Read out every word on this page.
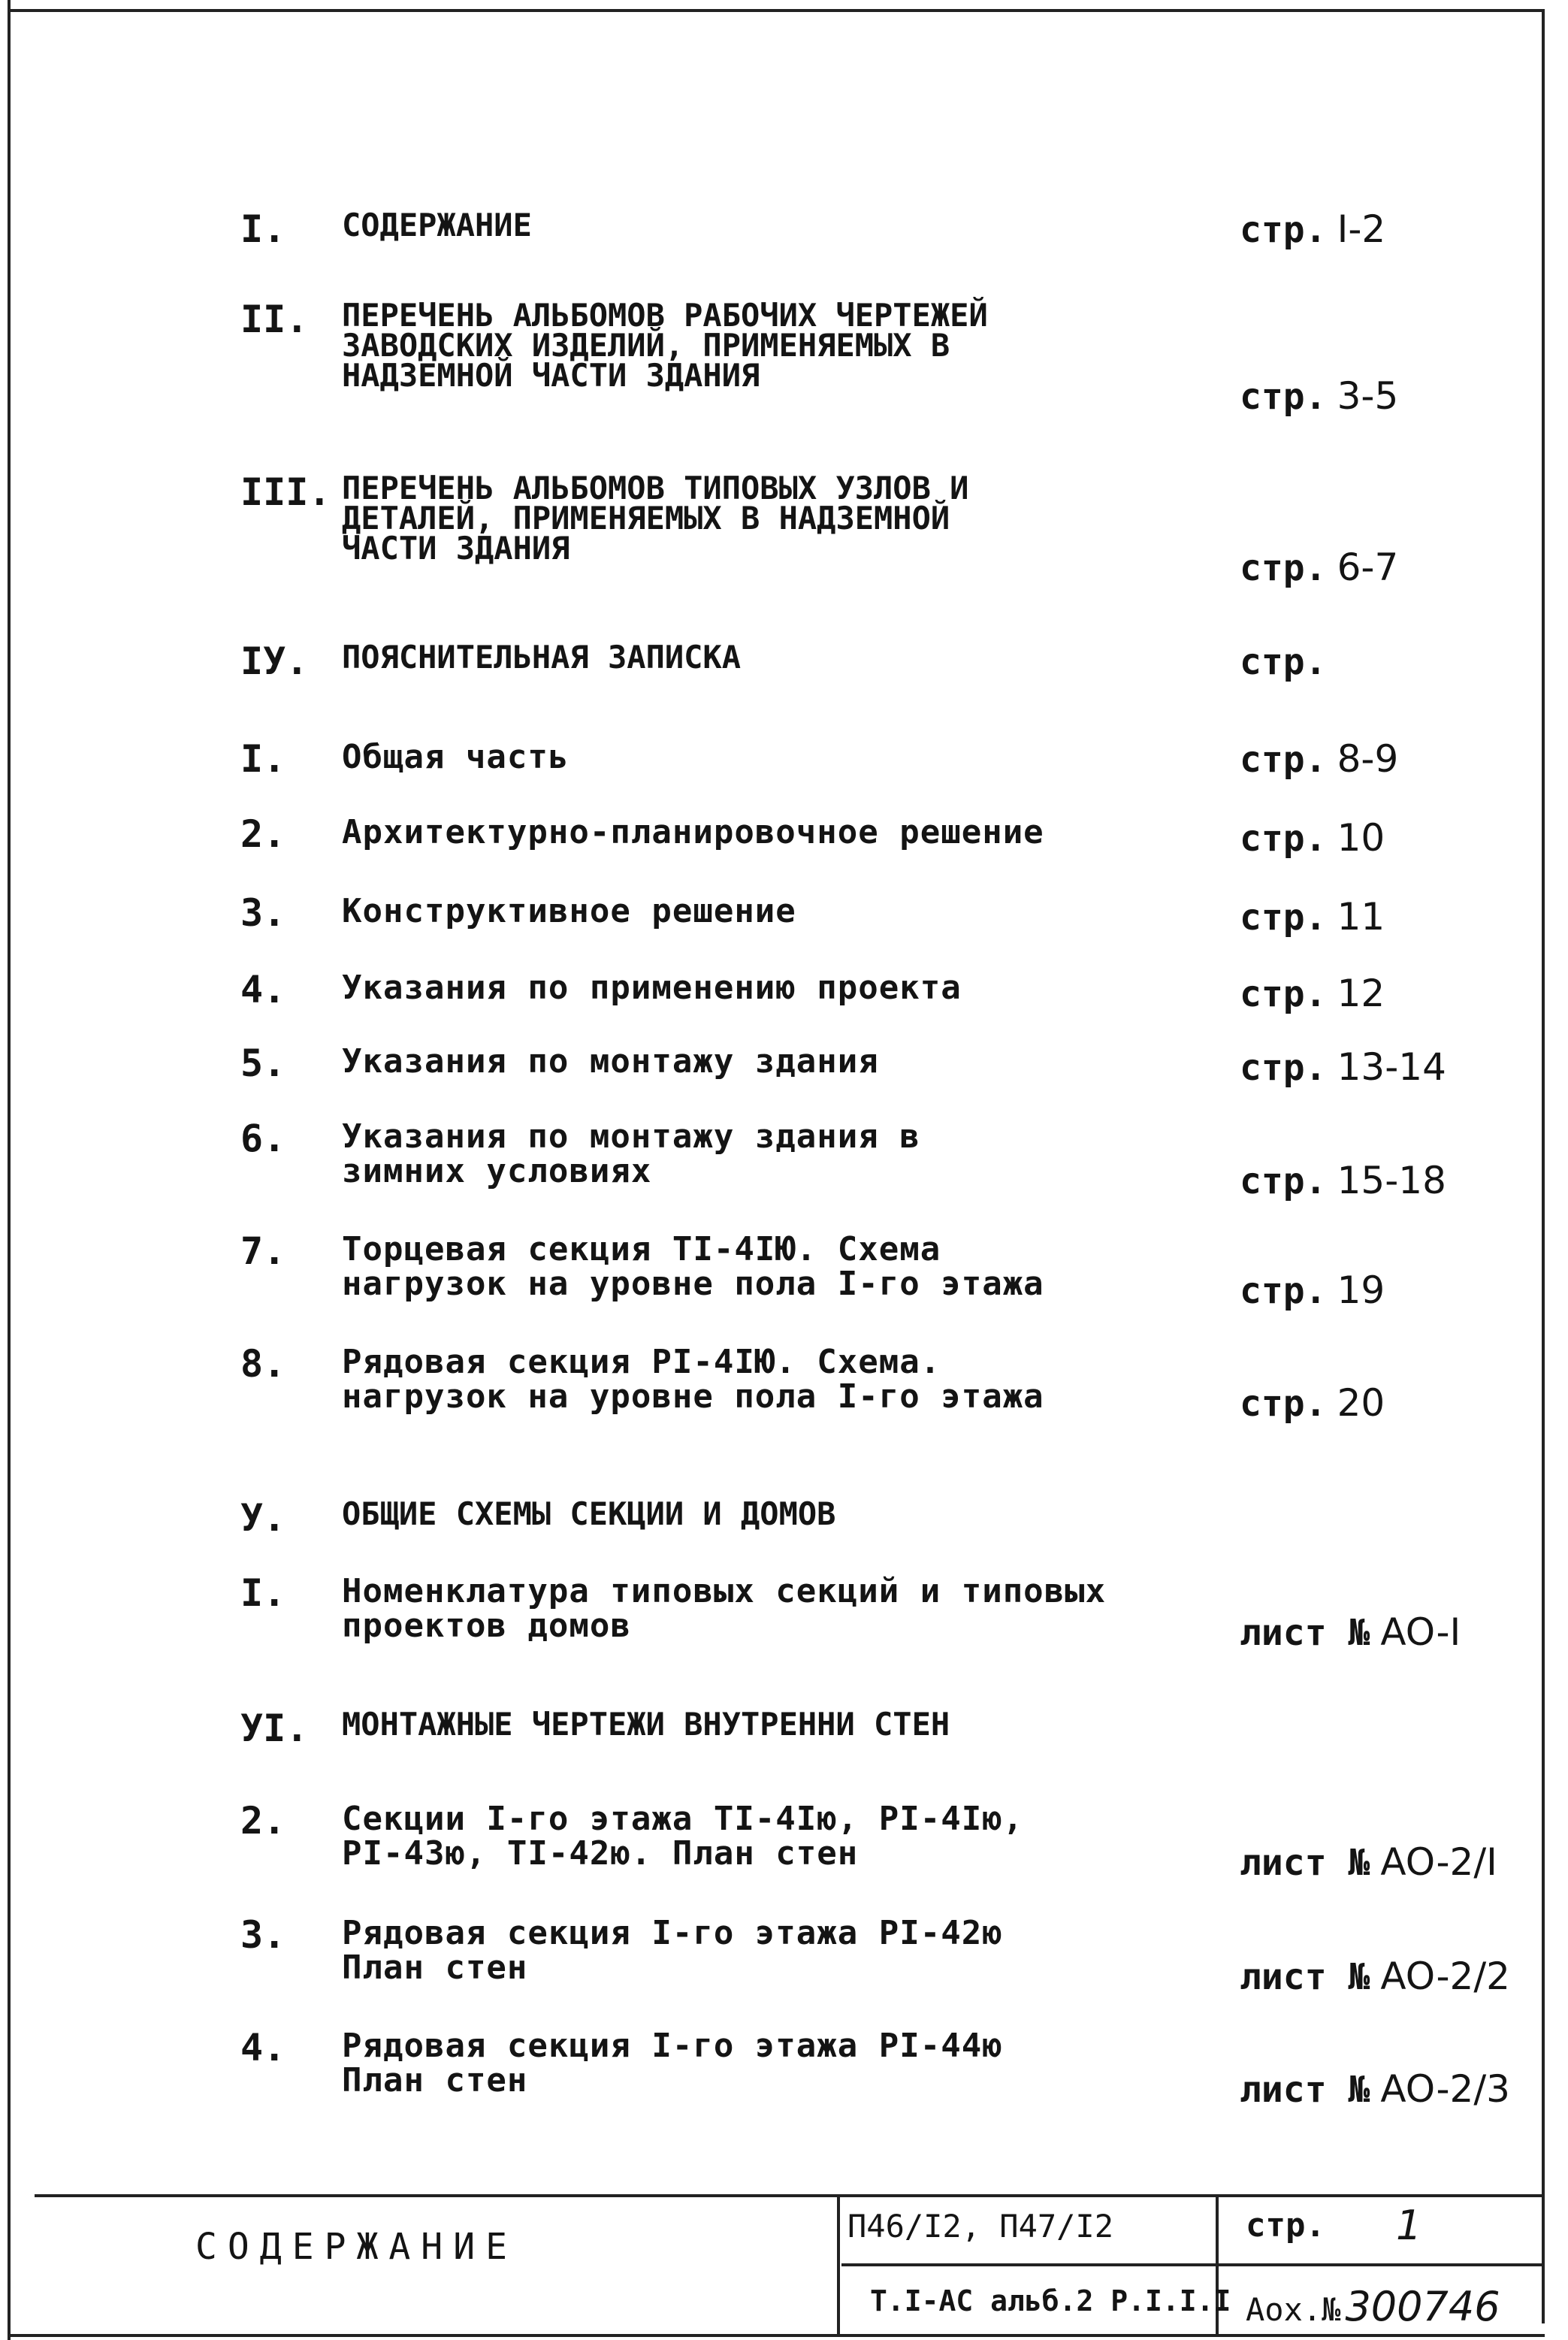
I. СОДЕРЖАНИЕ	стр. I-2
II. ПЕРЕЧЕНЬ АЛЬБОМОВ РАБОЧИХ ЧЕРТЕЖЕЙ
ЗАВОДСКИХ ИЗДЕЛИЙ, ПРИМЕНЯЕМЫХ В
НАДЗЕМНОЙ ЧАСТИ ЗДАНИЯ
стр. 3-5
III. ПЕРЕЧЕНЬ АЛЬБОМОВ ТИПОВЫХ УЗЛОВ И
ДЕТАЛЕЙ, ПРИМЕНЯЕМЫХ В НАДЗЕМНОЙ
ЧАСТИ ЗДАНИЯ	стр. 6-7
IУ. ПОЯСНИТЕЛЬНАЯ ЗАПИСКА	стр.
I. Общая часть	стр. 8-9
2. Архитектурно-планировочное решение	стр. 10
3. Конструктивное решение	стр. 11
4. Указания по применению проекта	стр. 12
5. Указания по монтажу здания	стр. 13-14
6. Указания по монтажу здания в
зимних условиях	стр. 15-18
7. Торцевая секция TI-4IЮ. Схема
нагрузок на уровне пола I-го этажа	стр. 19
8. Рядовая секция PI-4IЮ. Схема.
нагрузок на уровне пола I-го этажа	стр. 20
У. ОБЩИЕ СХЕМЫ СЕКЦИИ И ДОМОВ
I. Номенклатура типовых секций и типовых
проектов домов	лист № AO-I
УI. МОНТАЖНЫЕ ЧЕРТЕЖИ ВНУТРЕННИ СТЕН
2. Секции I-го этажа TI-4Iю, PI-4Iю,
PI-43ю, TI-42ю. План стен	лист № AO-2/I
3. Рядовая секция I-го этажа PI-42ю
План стен	лист № AO-2/2
4. Рядовая секция I-го этажа PI-44ю
План стен	лист № AO-2/3
СОДЕРЖАНИЕ	П46/I2, П47/I2	стр. 1
Т.I-AC альб.2 P.I.I.I Аох.№ 300746
